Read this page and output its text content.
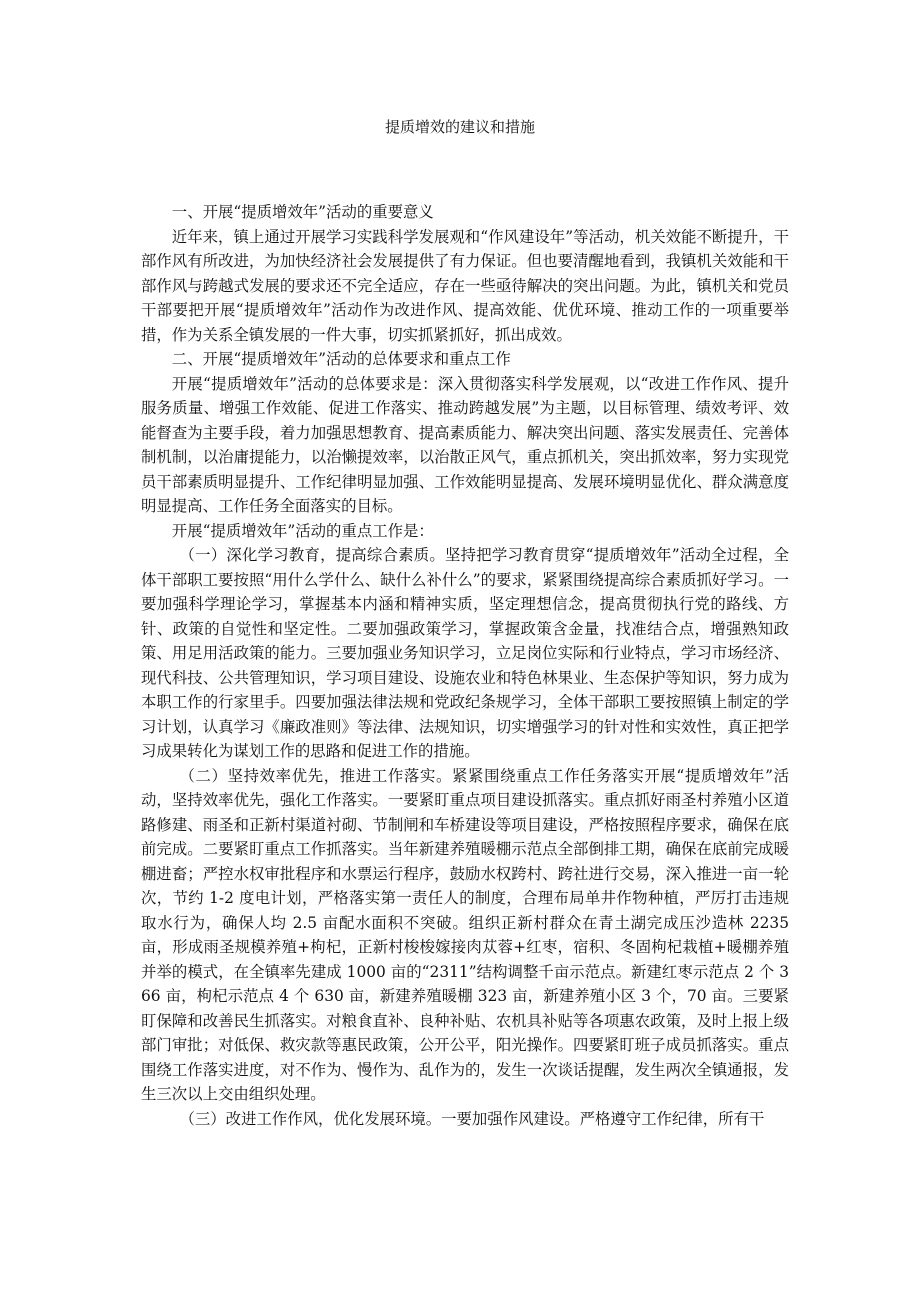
提质增效的建议和措施

一、开展“提质增效年”活动的重要意义

近年来，镇上通过开展学习实践科学发展观和“作风建设年”等活动，机关效能不断提升，干部作风有所改进，为加快经济社会发展提供了有力保证。但也要清醒地看到，我镇机关效能和干部作风与跨越式发展的要求还不完全适应，存在一些亟待解决的突出问题。为此，镇机关和党员干部要把开展“提质增效年”活动作为改进作风、提高效能、优优环境、推动工作的一项重要举措，作为关系全镇发展的一件大事，切实抓紧抓好，抓出成效。

二、开展“提质增效年”活动的总体要求和重点工作

开展“提质增效年”活动的总体要求是：深入贯彻落实科学发展观，以“改进工作作风、提升服务质量、增强工作效能、促进工作落实、推动跨越发展”为主题，以目标管理、绩效考评、效能督查为主要手段，着力加强思想教育、提高素质能力、解决突出问题、落实发展责任、完善体制机制，以治庸提能力，以治懒提效率，以治散正风气，重点抓机关，突出抓效率，努力实现党员干部素质明显提升、工作纪律明显加强、工作效能明显提高、发展环境明显优化、群众满意度明显提高、工作任务全面落实的目标。

开展“提质增效年”活动的重点工作是：

（一）深化学习教育，提高综合素质。坚持把学习教育贯穿“提质增效年”活动全过程，全体干部职工要按照“用什么学什么、缺什么补什么”的要求，紧紧围绕提高综合素质抓好学习。一要加强科学理论学习，掌握基本内涵和精神实质，坚定理想信念，提高贯彻执行党的路线、方针、政策的自觉性和坚定性。二要加强政策学习，掌握政策含金量，找准结合点，增强熟知政策、用足用活政策的能力。三要加强业务知识学习，立足岗位实际和行业特点，学习市场经济、现代科技、公共管理知识，学习项目建设、设施农业和特色林果业、生态保护等知识，努力成为本职工作的行家里手。四要加强法律法规和党政纪条规学习，全体干部职工要按照镇上制定的学习计划，认真学习《廉政准则》等法律、法规知识，切实增强学习的针对性和实效性，真正把学习成果转化为谋划工作的思路和促进工作的措施。

（二）坚持效率优先，推进工作落实。紧紧围绕重点工作任务落实开展“提质增效年”活动，坚持效率优先，强化工作落实。一要紧盯重点项目建设抓落实。重点抓好雨圣村养殖小区道路修建、雨圣和正新村渠道衬砌、节制闸和车桥建设等项目建设，严格按照程序要求，确保在底前完成。二要紧盯重点工作抓落实。当年新建养殖暖棚示范点全部倒排工期，确保在底前完成暖棚进畜；严控水权审批程序和水票运行程序，鼓励水权跨村、跨社进行交易，深入推进一亩一轮次，节约 1-2 度电计划，严格落实第一责任人的制度，合理布局单井作物种植，严厉打击违规取水行为，确保人均 2.5 亩配水面积不突破。组织正新村群众在青土湖完成压沙造林 2235 亩，形成雨圣规模养殖+枸杞，正新村梭梭嫁接肉苁蓉+红枣，宿积、冬固枸杞栽植+暖棚养殖并举的模式，在全镇率先建成 1000 亩的“2311”结构调整千亩示范点。新建红枣示范点 2 个 366 亩，枸杞示范点 4 个 630 亩，新建养殖暖棚 323 亩，新建养殖小区 3 个，70 亩。三要紧盯保障和改善民生抓落实。对粮食直补、良种补贴、农机具补贴等各项惠农政策，及时上报上级部门审批；对低保、救灾款等惠民政策，公开公平，阳光操作。四要紧盯班子成员抓落实。重点围绕工作落实进度，对不作为、慢作为、乱作为的，发生一次谈话提醒，发生两次全镇通报，发生三次以上交由组织处理。

（三）改进工作作风，优化发展环境。一要加强作风建设。严格遵守工作纪律，所有干
